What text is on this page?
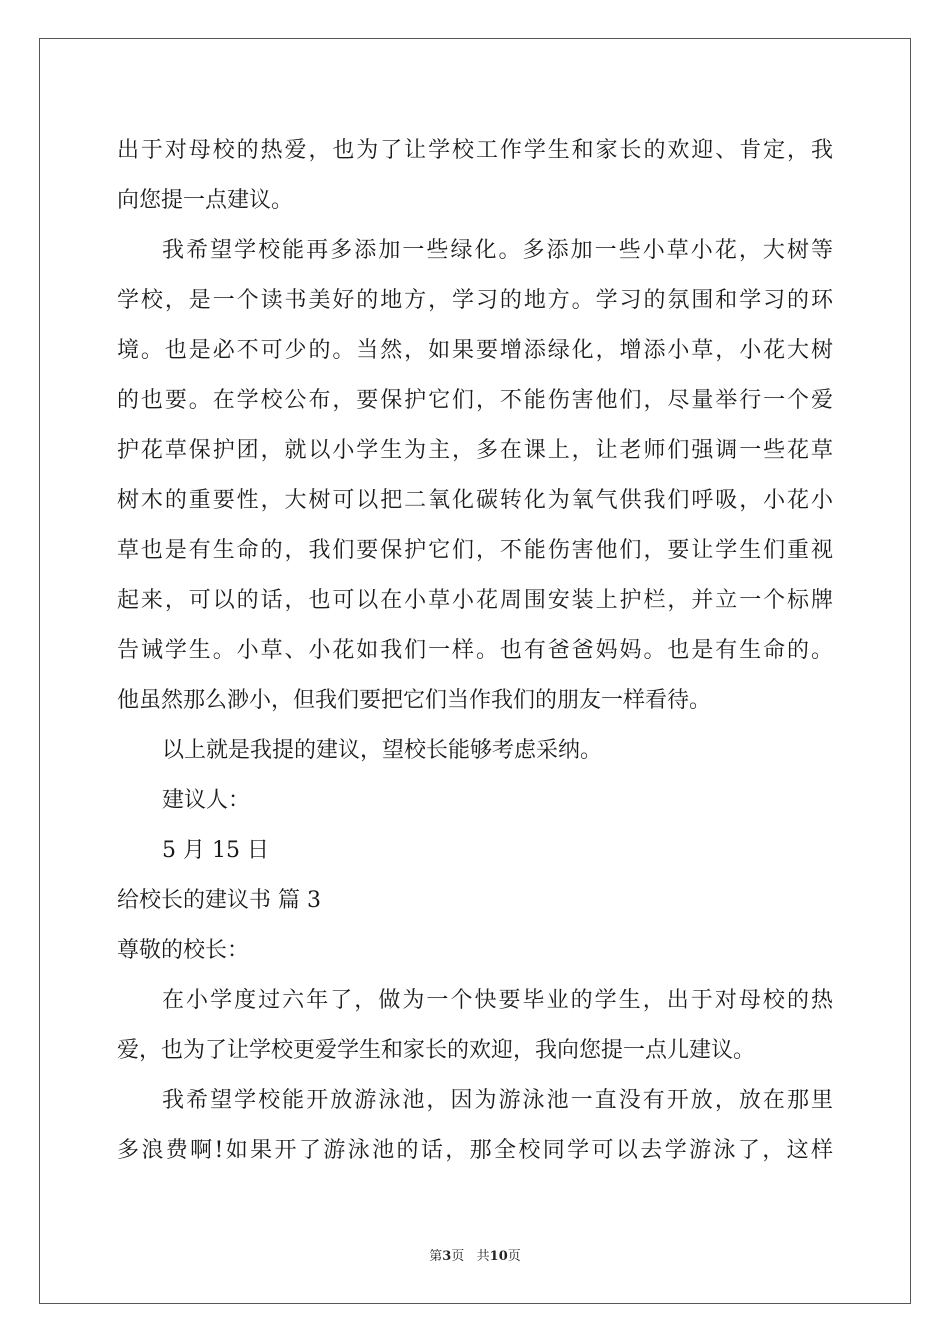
出于对母校的热爱，也为了让学校工作学生和家长的欢迎、肯定，我
向您提一点建议。
我希望学校能再多添加一些绿化。多添加一些小草小花，大树等
学校，是一个读书美好的地方，学习的地方。学习的氛围和学习的环
境。也是必不可少的。当然，如果要增添绿化，增添小草，小花大树
的也要。在学校公布，要保护它们，不能伤害他们，尽量举行一个爱
护花草保护团，就以小学生为主，多在课上，让老师们强调一些花草
树木的重要性，大树可以把二氧化碳转化为氧气供我们呼吸，小花小
草也是有生命的，我们要保护它们，不能伤害他们，要让学生们重视
起来，可以的话，也可以在小草小花周围安装上护栏，并立一个标牌
告诫学生。小草、小花如我们一样。也有爸爸妈妈。也是有生命的。
他虽然那么渺小，但我们要把它们当作我们的朋友一样看待。
以上就是我提的建议，望校长能够考虑采纳。
建议人：
5 月 15 日
给校长的建议书 篇 3
尊敬的校长：
在小学度过六年了，做为一个快要毕业的学生，出于对母校的热
爱，也为了让学校更爱学生和家长的欢迎，我向您提一点儿建议。
我希望学校能开放游泳池，因为游泳池一直没有开放，放在那里
多浪费啊!如果开了游泳池的话，那全校同学可以去学游泳了，这样
第3页   共10页
